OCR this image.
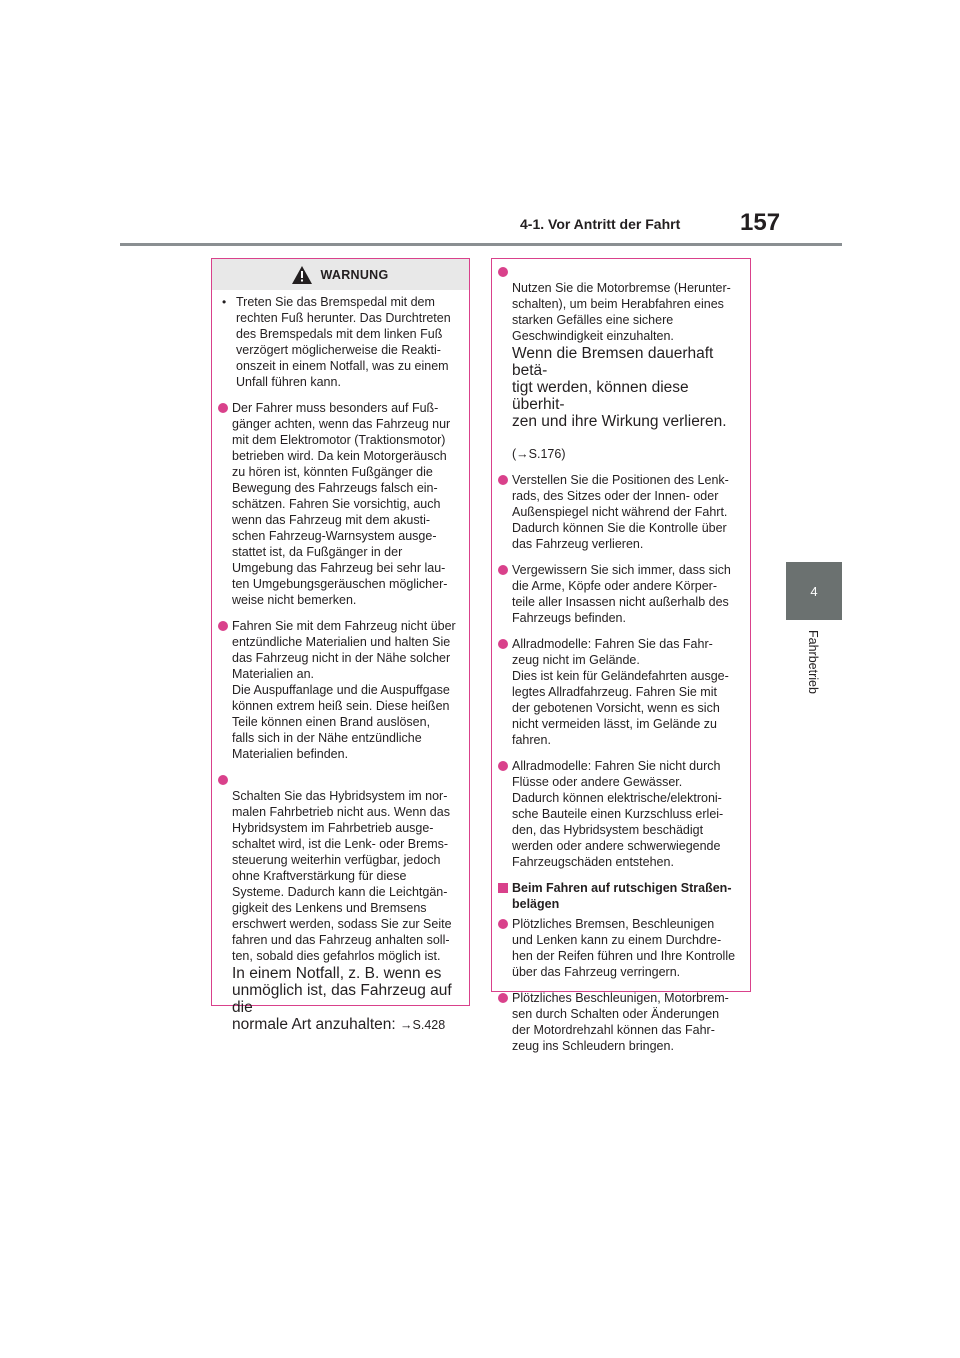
4-1. Vor Antritt der Fahrt 157
4
Fahrbetrieb
WARNUNG
• Treten Sie das Bremspedal mit dem
rechten Fuß herunter. Das Durchtreten
des Bremspedals mit dem linken Fuß
verzögert möglicherweise die Reakti-
onszeit in einem Notfall, was zu einem
Unfall führen kann.
Der Fahrer muss besonders auf Fuß-
gänger achten, wenn das Fahrzeug nur
mit dem Elektromotor (Traktionsmotor)
betrieben wird. Da kein Motorgeräusch
zu hören ist, könnten Fußgänger die
Bewegung des Fahrzeugs falsch ein-
schätzen. Fahren Sie vorsichtig, auch
wenn das Fahrzeug mit dem akusti-
schen Fahrzeug-Warnsystem ausge-
stattet ist, da Fußgänger in der
Umgebung das Fahrzeug bei sehr lau-
ten Umgebungsgeräuschen möglicher-
weise nicht bemerken.
Fahren Sie mit dem Fahrzeug nicht über
entzündliche Materialien und halten Sie
das Fahrzeug nicht in der Nähe solcher
Materialien an.
Die Auspuffanlage und die Auspuffgase
können extrem heiß sein. Diese heißen
Teile können einen Brand auslösen,
falls sich in der Nähe entzündliche
Materialien befinden.

Schalten Sie das Hybridsystem im nor-
malen Fahrbetrieb nicht aus. Wenn das
Hybridsystem im Fahrbetrieb ausge-
schaltet wird, ist die Lenk- oder Brems-
steuerung weiterhin verfügbar, jedoch
ohne Kraftverstärkung für diese
Systeme. Dadurch kann die Leichtgän-
gigkeit des Lenkens und Bremsens
erschwert werden, sodass Sie zur Seite
fahren und das Fahrzeug anhalten soll-
ten, sobald dies gefahrlos möglich ist.

In einem Notfall, z. B. wenn es
unmöglich ist, das Fahrzeug auf die
normale Art anzuhalten: →S.428

Nutzen Sie die Motorbremse (Herunter-
schalten), um beim Herabfahren eines
starken Gefälles eine sichere
Geschwindigkeit einzuhalten.

Wenn die Bremsen dauerhaft betä-
tigt werden, können diese überhit-
zen und ihre Wirkung verlieren.

(→S.176)

Verstellen Sie die Positionen des Lenk-
rads, des Sitzes oder der Innen- oder
Außenspiegel nicht während der Fahrt.
Dadurch können Sie die Kontrolle über
das Fahrzeug verlieren.
Vergewissern Sie sich immer, dass sich
die Arme, Köpfe oder andere Körper-
teile aller Insassen nicht außerhalb des
Fahrzeugs befinden.
Allradmodelle: Fahren Sie das Fahr-
zeug nicht im Gelände.
Dies ist kein für Geländefahrten ausge-
legtes Allradfahrzeug. Fahren Sie mit
der gebotenen Vorsicht, wenn es sich
nicht vermeiden lässt, im Gelände zu
fahren.
Allradmodelle: Fahren Sie nicht durch
Flüsse oder andere Gewässer.
Dadurch können elektrische/elektroni-
sche Bauteile einen Kurzschluss erlei-
den, das Hybridsystem beschädigt
werden oder andere schwerwiegende
Fahrzeugschäden entstehen.
Beim Fahren auf rutschigen Straßen-
belägen
Plötzliches Bremsen, Beschleunigen
und Lenken kann zu einem Durchdre-
hen der Reifen führen und Ihre Kontrolle
über das Fahrzeug verringern.
Plötzliches Beschleunigen, Motorbrem-
sen durch Schalten oder Änderungen
der Motordrehzahl können das Fahr-
zeug ins Schleudern bringen.
